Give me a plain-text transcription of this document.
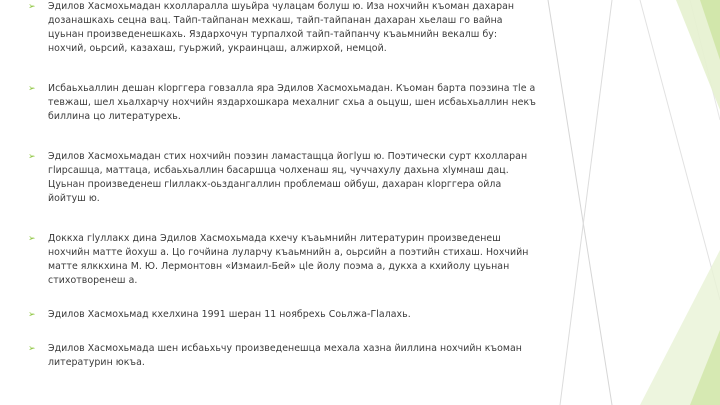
➢ Эдилов Хасмохьмадан кхолларалла шуьйра чулацам болуш ю. Иза нохчийн къоман дахаран дозанашкахь сецна вац. Тайп-тайпанан мехкаш, тайп-тайпанан дахаран хьелаш го вайна цуьнан произведенешкахь. Яздархочун турпалхой тайп-тайпанчу къаьмнийн векалш бу: нохчий, оьрсий, казахаш, гуьржий, украинцаш, алжирхой, немцой.

➢ Исбаьхьаллин дешан кlорггера говзалла яра Эдилов Хасмохьмадан. Къоман барта поэзина тlе а тевжаш, шел хьалхарчу нохчийн яздархошкара мехалниг схьа а оьцуш, шен исбаьхьаллин некъ биллина цо литературехь.

➢ Эдилов Хасмохьмадан стих нохчийн поэзин ламастащца йогlуш ю. Поэтически сурт кхолларан гlирсашца, маттаца, исбаьхьаллин басаршца чолхенаш яц, чуччахулу дахьна хlумнаш дац. Цуьнан произведенеш гlиллакх-оьздангаллин проблемаш ойбуш, дахаран кlорггера ойла йойтуш ю.

➢ Доккха гlуллакх дина Эдилов Хасмохьмада кхечу къаьмнийн литературин произведенеш нохчийн матте йохуш а. Цо гочйина луларчу къаьмнийн а, оьрсийн а поэтийн стихаш. Нохчийн матте ялккхина М. Ю. Лермонтовн «Измаил-Бей» цlе йолу поэма а, дукха а кхийолу цуьнан стихотворенеш а.

➢ Эдилов Хасмохьмад кхелхина 1991 шеран 11 ноябрехь Соьлжа-Гlалахь.

➢ Эдилов Хасмохьмада шен исбаьхьчу произведенешца мехала хазна йиллина нохчийн къоман литературин юкъа.
